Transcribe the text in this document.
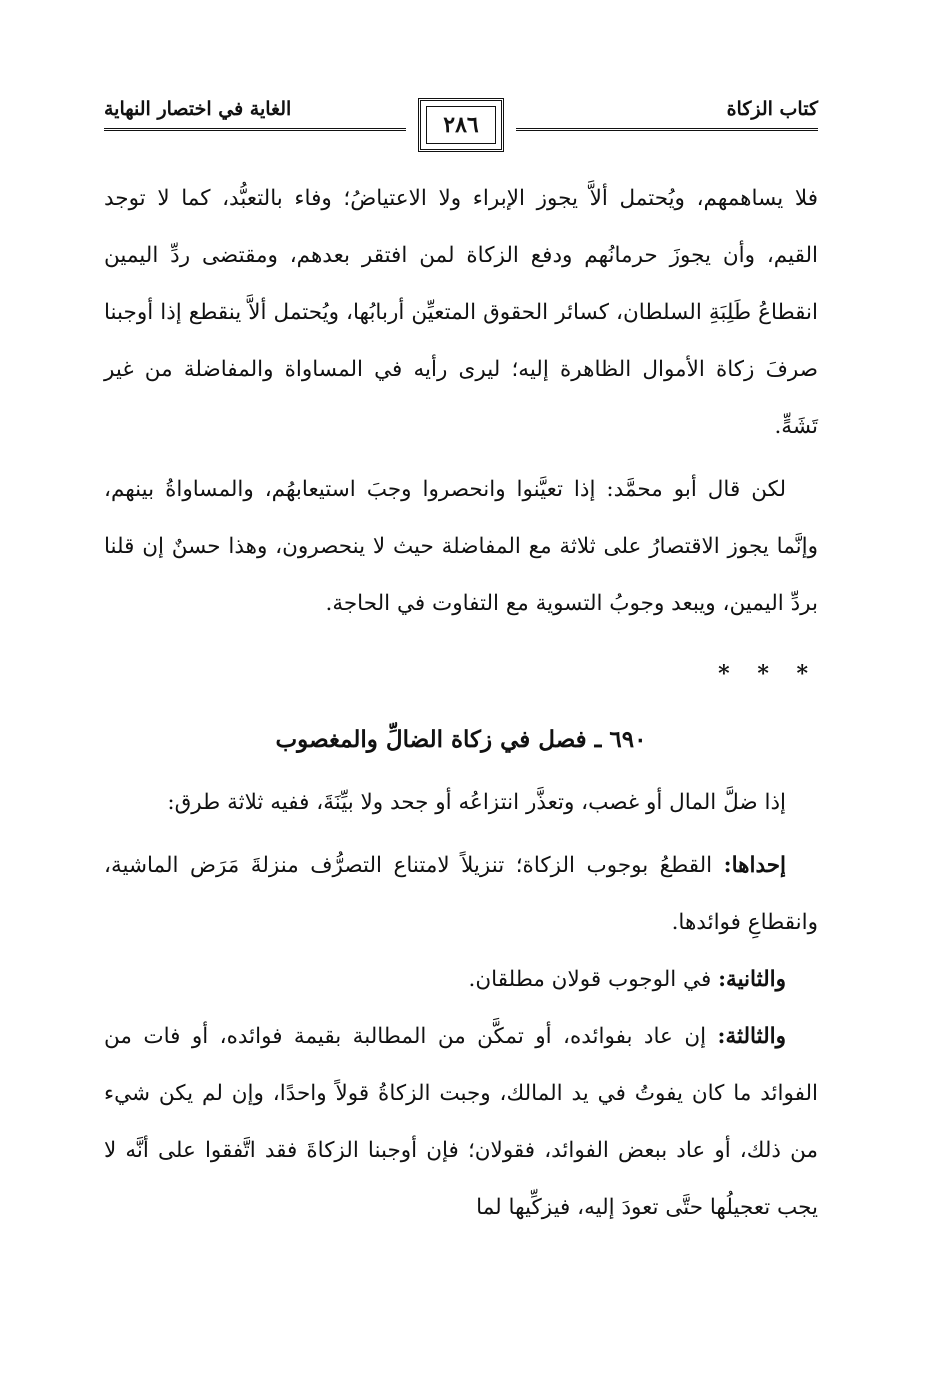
كتاب الزكاة
الغاية في اختصار النهاية
٢٨٦

فلا يساهمهم، ويُحتمل ألاَّ يجوز الإبراء ولا الاعتياضُ؛ وفاء بالتعبُّد، كما لا توجد القيم، وأن يجوزَ حرمانُهم ودفع الزكاة لمن افتقر بعدهم، ومقتضى ردِّ اليمين انقطاعُ طَلِبَةِ السلطان، كسائر الحقوق المتعيِّن أربابُها، ويُحتمل ألاَّ ينقطع إذا أوجبنا صرفَ زكاة الأموال الظاهرة إليه؛ ليرى رأيه في المساواة والمفاضلة من غير تَشَهٍّ.

لكن قال أبو محمَّد: إذا تعيَّنوا وانحصروا وجبَ استيعابهُم، والمساواةُ بينهم، وإنَّما يجوز الاقتصارُ على ثلاثة مع المفاضلة حيث لا ينحصرون، وهذا حسنٌ إن قلنا بردِّ اليمين، ويبعد وجوبُ التسوية مع التفاوت في الحاجة.

* * *
٦٩٠ ـ فصل في زكاة الضالِّ والمغصوب

إذا ضلَّ المال أو غصب، وتعذَّر انتزاعُه أو جحد ولا بيِّنَةَ، ففيه ثلاثة طرق:

إحداها: القطعُ بوجوب الزكاة؛ تنزيلاً لامتناع التصرُّف منزلةَ مَرَض الماشية، وانقطاعِ فوائدها.

والثانية: في الوجوب قولان مطلقان.

والثالثة: إن عاد بفوائده، أو تمكَّن من المطالبة بقيمة فوائده، أو فات من الفوائد ما كان يفوتُ في يد المالك، وجبت الزكاةُ قولاً واحدًا، وإن لم يكن شيء من ذلك، أو عاد ببعض الفوائد، فقولان؛ فإن أوجبنا الزكاةَ فقد اتَّفقوا على أنَّه لا يجب تعجيلُها حتَّى تعودَ إليه، فيزكِّيها لما
